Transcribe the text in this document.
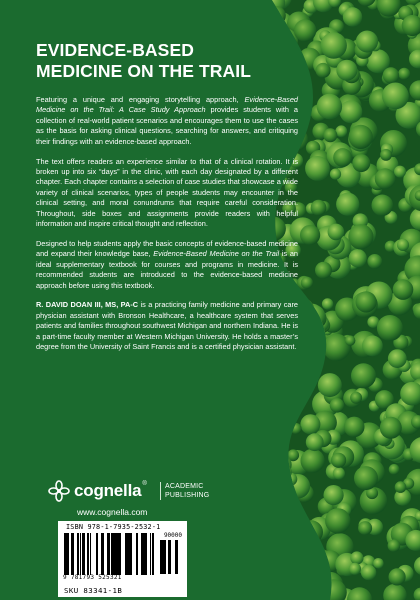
EVIDENCE-BASED
MEDICINE ON THE TRAIL

Featuring a unique and engaging storytelling approach, Evidence-Based Medicine on the Trail: A Case Study Approach provides students with a collection of real-world patient scenarios and encourages them to use the cases as the basis for asking clinical questions, searching for answers, and critiquing their findings with an evidence-based approach.

The text offers readers an experience similar to that of a clinical rotation. It is broken up into six “days” in the clinic, with each day designated by a different chapter. Each chapter contains a selection of case studies that showcase a wide variety of clinical scenarios, types of people students may encounter in the clinical setting, and moral conundrums that require careful consideration. Throughout, side boxes and assignments provide readers with helpful information and inspire critical thought and reflection.

Designed to help students apply the basic concepts of evidence-based medicine and expand their knowledge base, Evidence-Based Medicine on the Trail is an ideal supplementary textbook for courses and programs in medicine. It is recommended students are introduced to the evidence-based medicine approach before using this textbook.

R. DAVID DOAN III, MS, PA-C is a practicing family medicine and primary care physician assistant with Bronson Healthcare, a healthcare system that serves patients and families throughout southwest Michigan and northern Indiana. He is a part-time faculty member at Western Michigan University. He holds a master’s degree from the University of Saint Francis and is a certified physician assistant.

cognella®	ACADEMIC
PUBLISHING
www.cognella.com
ISBN 978-1-7935-2532-1
90000
9 781793 525321
SKU 83341-1B
